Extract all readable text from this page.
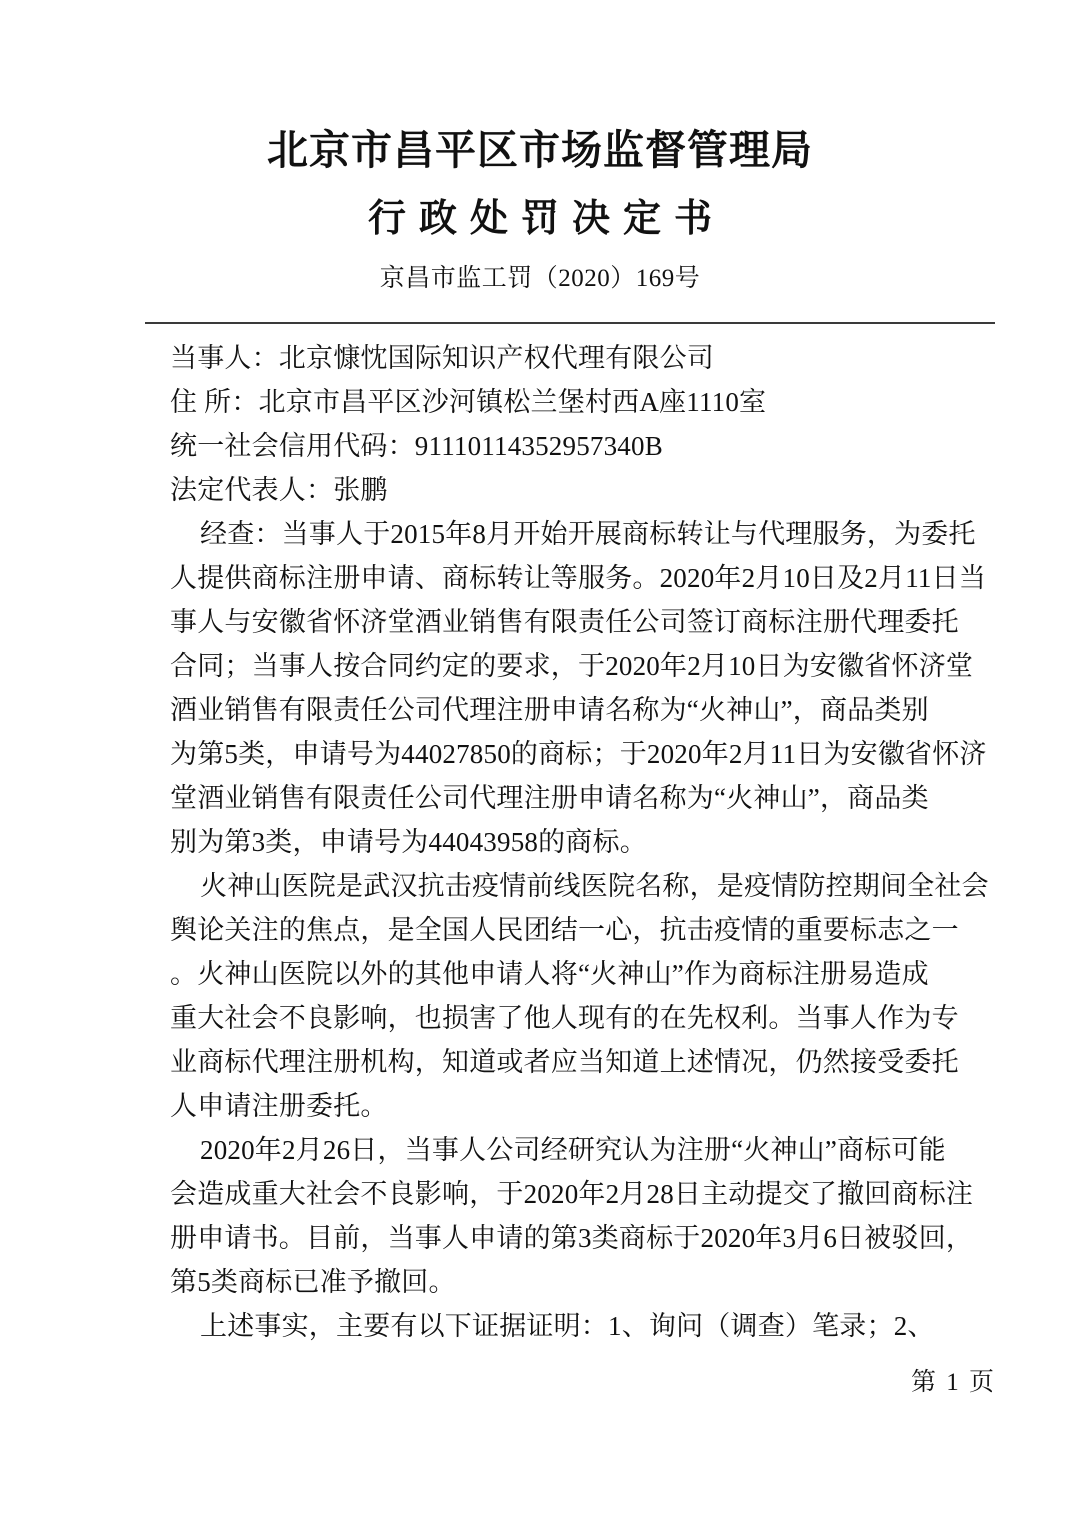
北京市昌平区市场监督管理局
行政处罚决定书
京昌市监工罚（2020）169号
当事人：北京慷忱国际知识产权代理有限公司
住 所：北京市昌平区沙河镇松兰堡村西A座1110室
统一社会信用代码：91110114352957340B
法定代表人：张鹏
经查：当事人于2015年8月开始开展商标转让与代理服务，为委托
人提供商标注册申请、商标转让等服务。2020年2月10日及2月11日当
事人与安徽省怀济堂酒业销售有限责任公司签订商标注册代理委托
合同；当事人按合同约定的要求，于2020年2月10日为安徽省怀济堂
酒业销售有限责任公司代理注册申请名称为“火神山”，商品类别
为第5类，申请号为44027850的商标；于2020年2月11日为安徽省怀济
堂酒业销售有限责任公司代理注册申请名称为“火神山”，商品类
别为第3类，申请号为44043958的商标。
火神山医院是武汉抗击疫情前线医院名称，是疫情防控期间全社会
舆论关注的焦点，是全国人民团结一心，抗击疫情的重要标志之一
。火神山医院以外的其他申请人将“火神山”作为商标注册易造成
重大社会不良影响，也损害了他人现有的在先权利。当事人作为专
业商标代理注册机构，知道或者应当知道上述情况，仍然接受委托
人申请注册委托。
2020年2月26日，当事人公司经研究认为注册“火神山”商标可能
会造成重大社会不良影响，于2020年2月28日主动提交了撤回商标注
册申请书。目前，当事人申请的第3类商标于2020年3月6日被驳回，
第5类商标已准予撤回。
上述事实，主要有以下证据证明：1、询问（调查）笔录；2、
第 1 页
